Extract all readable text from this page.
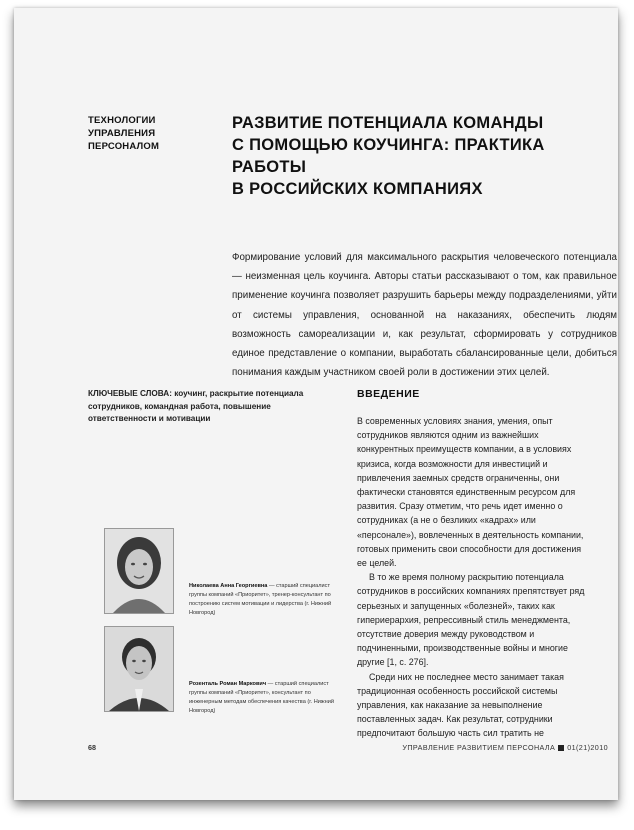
ТЕХНОЛОГИИ
УПРАВЛЕНИЯ
ПЕРСОНАЛОМ
РАЗВИТИЕ ПОТЕНЦИАЛА КОМАНДЫ
С ПОМОЩЬЮ КОУЧИНГА: ПРАКТИКА РАБОТЫ
В РОССИЙСКИХ КОМПАНИЯХ
Формирование условий для максимального раскрытия человеческого потенциала — неизменная цель коучинга. Авторы статьи рассказывают о том, как правильное применение коучинга позволяет разрушить барьеры между подразделениями, уйти от системы управления, основанной на наказаниях, обеспечить людям возможность самореализации и, как результат, сформировать у сотрудников единое представление о компании, выработать сбалансированные цели, добиться понимания каждым участником своей роли в достижении этих целей.
КЛЮЧЕВЫЕ СЛОВА: коучинг, раскрытие потенциала сотрудников, командная работа, повышение ответственности и мотивации
Николаева Анна Георгиевна — старший специалист группы компаний «Приоритет», тренер-консультант по построению систем мотивации и лидерства (г. Нижний Новгород)
Розенталь Роман Маркович — старший специалист группы компаний «Приоритет», консультант по инженерным методам обеспечения качества (г. Нижний Новгород)
ВВЕДЕНИЕ

В современных условиях знания, умения, опыт сотрудников являются одним из важнейших конкурентных преимуществ компании, а в условиях кризиса, когда возможности для инвестиций и привлечения заемных средств ограниченны, они фактически становятся единственным ресурсом для развития. Сразу отметим, что речь идет именно о сотрудниках (а не о безликих «кадрах» или «персонале»), вовлеченных в деятельность компании, готовых применить свои способности для достижения ее целей.

В то же время полному раскрытию потенциала сотрудников в российских компаниях препятствует ряд серьезных и запущенных «болезней», таких как гипериерархия, репрессивный стиль менеджмента, отсутствие доверия между руководством и подчиненными, производственные войны и многие другие [1, с. 276].

Среди них не последнее место занимает такая традиционная особенность российской системы управления, как наказание за невыполнение поставленных задач. Как результат, сотрудники предпочитают большую часть сил тратить не

68	УПРАВЛЕНИЕ РАЗВИТИЕМ ПЕРСОНАЛА 01(21)2010
